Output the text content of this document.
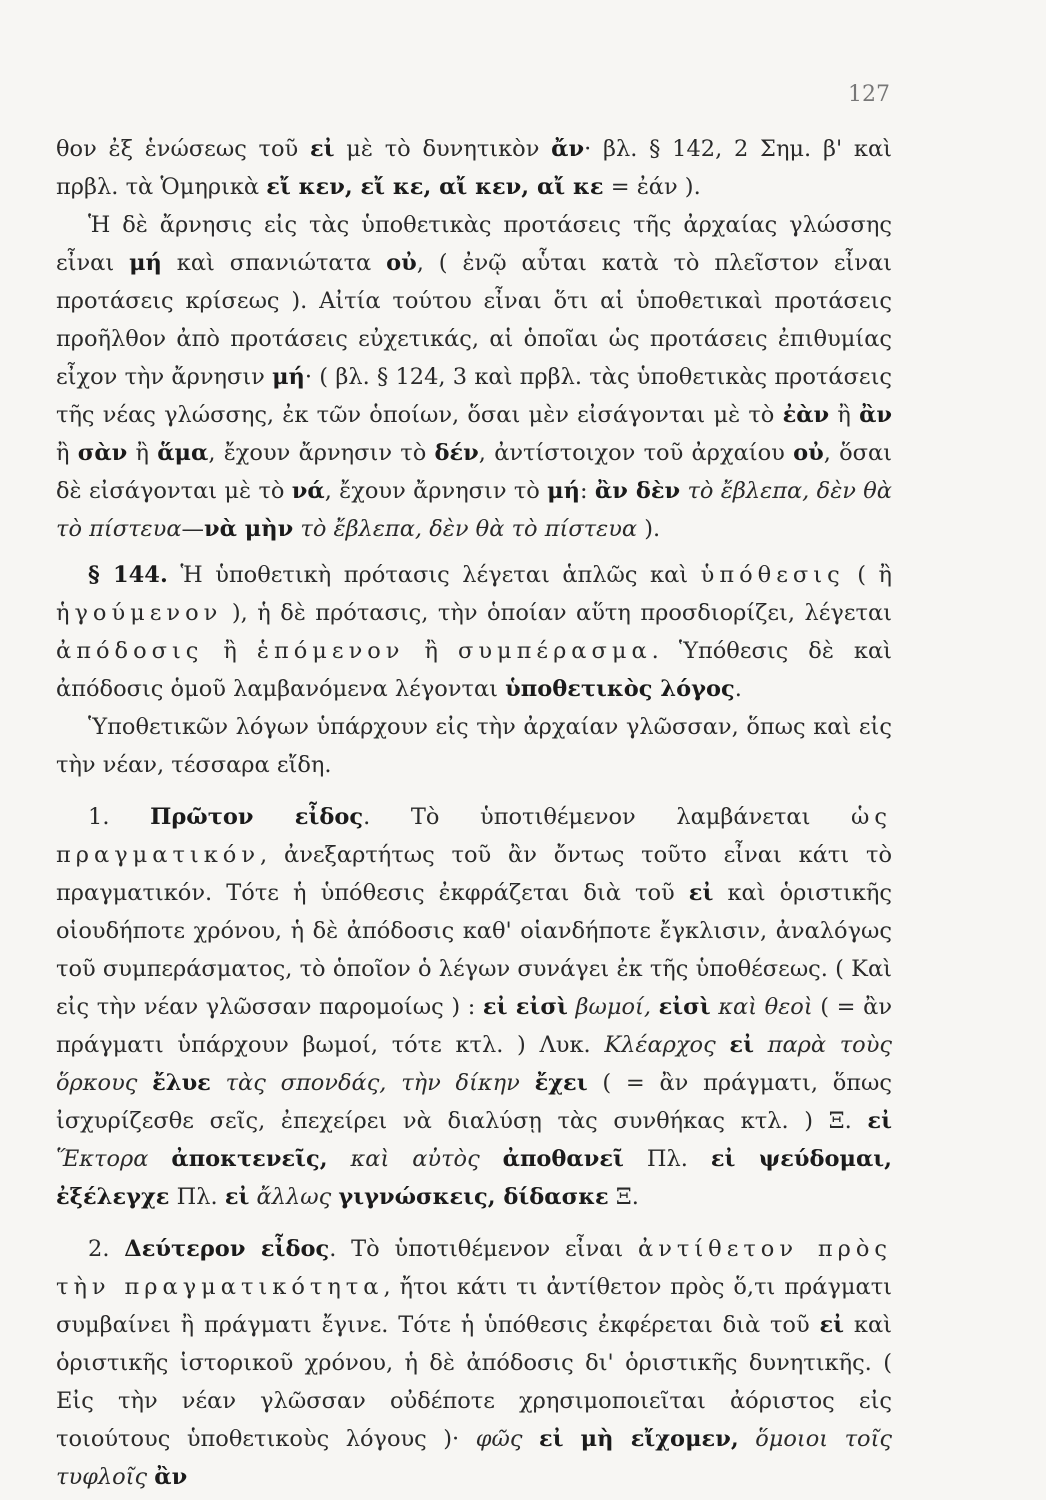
127

θον ἐξ ἑνώσεως τοῦ εἰ μὲ τὸ δυνητικὸν ἄν· βλ. § 142, 2 Σημ. β' καὶ πρβλ. τὰ Ὁμηρικὰ εἴ κεν, εἴ κε, αἴ κεν, αἴ κε = ἐάν ).

Ἡ δὲ ἄρνησις εἰς τὰς ὑποθετικὰς προτάσεις τῆς ἀρχαίας γλώσσης εἶναι μή καὶ σπανιώτατα οὐ, ( ἐνῷ αὗται κατὰ τὸ πλεῖστον εἶναι προτάσεις κρίσεως ). Αἰτία τούτου εἶναι ὅτι αἱ ὑποθετικαὶ προτάσεις προῆλθον ἀπὸ προτάσεις εὐχετικάς, αἱ ὁποῖαι ὡς προτάσεις ἐπιθυμίας εἶχον τὴν ἄρνησιν μή· ( βλ. § 124, 3 καὶ πρβλ. τὰς ὑποθετικὰς προτάσεις τῆς νέας γλώσσης, ἐκ τῶν ὁποίων, ὅσαι μὲν εἰσάγονται μὲ τὸ ἐὰν ἢ ἂν ἢ σὰν ἢ ἅμα, ἔχουν ἄρνησιν τὸ δέν, ἀντίστοιχον τοῦ ἀρχαίου οὐ, ὅσαι δὲ εἰσάγονται μὲ τὸ νά, ἔχουν ἄρνησιν τὸ μή: ἂν δὲν τὸ ἔβλεπα, δὲν θὰ τὸ πίστευα—νὰ μὴν τὸ ἔβλεπα, δὲν θὰ τὸ πίστευα ).

§ 144. Ἡ ὑποθετικὴ πρότασις λέγεται ἁπλῶς καὶ ὑπόθεσις ( ἢ ἡγούμενον ), ἡ δὲ πρότασις, τὴν ὁποίαν αὕτη προσδιορίζει, λέγεται ἀπόδοσις ἢ ἑπόμενον ἢ συμπέρασμα. Ὑπόθεσις δὲ καὶ ἀπόδοσις ὁμοῦ λαμβανόμενα λέγονται ὑποθετικὸς λόγος.

Ὑποθετικῶν λόγων ὑπάρχουν εἰς τὴν ἀρχαίαν γλῶσσαν, ὅπως καὶ εἰς τὴν νέαν, τέσσαρα εἴδη.

1. Πρῶτον εἶδος. Τὸ ὑποτιθέμενον λαμβάνεται ὡς πραγματικόν, ἀνεξαρτήτως τοῦ ἂν ὄντως τοῦτο εἶναι κάτι τὸ πραγματικόν. Τότε ἡ ὑπόθεσις ἐκφράζεται διὰ τοῦ εἰ καὶ ὁριστικῆς οἱουδήποτε χρόνου, ἡ δὲ ἀπόδοσις καθ' οἱανδήποτε ἔγκλισιν, ἀναλόγως τοῦ συμπεράσματος, τὸ ὁποῖον ὁ λέγων συνάγει ἐκ τῆς ὑποθέσεως. ( Καὶ εἰς τὴν νέαν γλῶσσαν παρομοίως ) : εἰ εἰσὶ βωμοί, εἰσὶ καὶ θεοὶ ( = ἂν πράγματι ὑπάρχουν βωμοί, τότε κτλ. ) Λυκ. Κλέαρχος εἰ παρὰ τοὺς ὅρκους ἔλυε τὰς σπονδάς, τὴν δίκην ἔχει ( = ἂν πράγματι, ὅπως ἰσχυρίζεσθε σεῖς, ἐπεχείρει νὰ διαλύσῃ τὰς συνθήκας κτλ. ) Ξ. εἰ Ἕκτορα ἀποκτενεῖς, καὶ αὐτὸς ἀποθανεῖ Πλ. εἰ ψεύδομαι, ἐξέλεγχε Πλ. εἰ ἄλλως γιγνώσκεις, δίδασκε Ξ.

2. Δεύτερον εἶδος. Τὸ ὑποτιθέμενον εἶναι ἀντίθετον πρὸς τὴν πραγματικότητα, ἤτοι κάτι τι ἀντίθετον πρὸς ὅ,τι πράγματι συμβαίνει ἢ πράγματι ἔγινε. Τότε ἡ ὑπόθεσις ἐκφέρεται διὰ τοῦ εἰ καὶ ὁριστικῆς ἱστορικοῦ χρόνου, ἡ δὲ ἀπόδοσις δι' ὁριστικῆς δυνητικῆς. ( Εἰς τὴν νέαν γλῶσσαν οὐδέποτε χρησιμοποιεῖται ἀόριστος εἰς τοιούτους ὑποθετικοὺς λόγους )· φῶς εἰ μὴ εἴχομεν, ὅμοιοι τοῖς τυφλοῖς ἂν
